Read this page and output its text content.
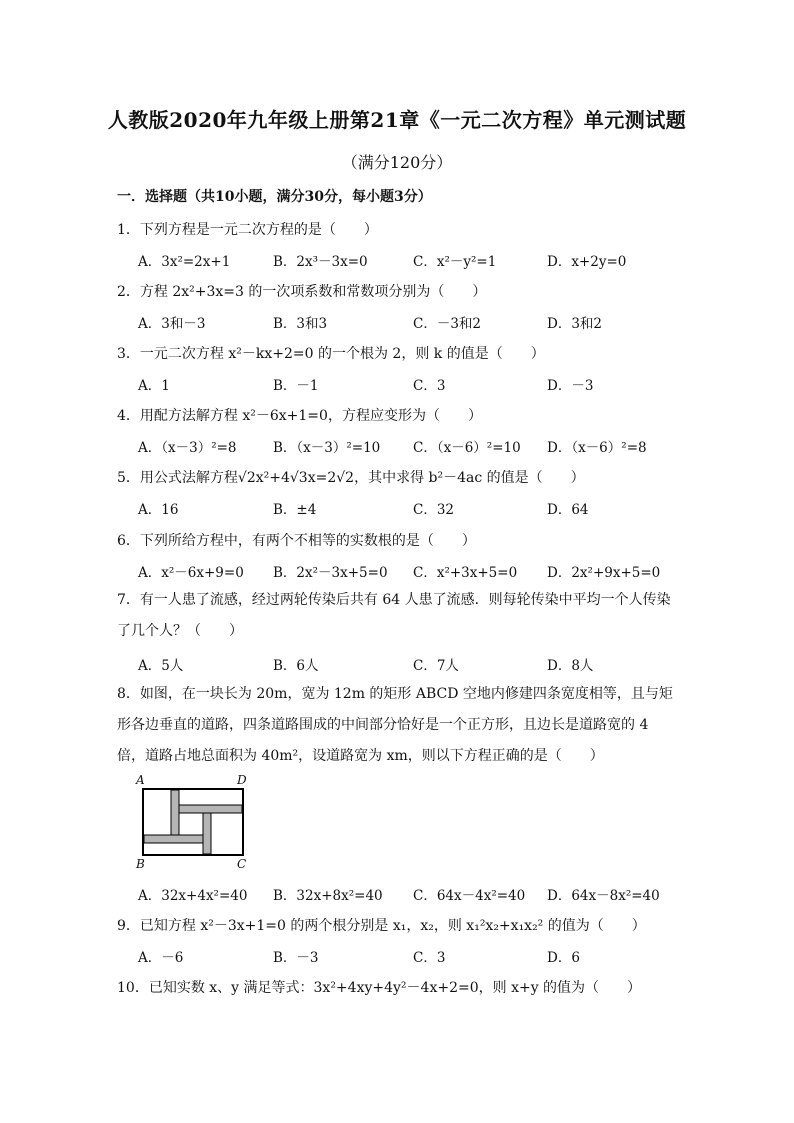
人教版2020年九年级上册第21章《一元二次方程》单元测试题
（满分120分）
一．选择题（共10小题，满分30分，每小题3分）
1．下列方程是一元二次方程的是（　　）
A．3x²=2x+1	B．2x³－3x=0	C．x²－y²=1	D．x+2y=0
2．方程 2x²+3x=3 的一次项系数和常数项分别为（　　）
A．3和－3	B．3和3	C．－3和2	D．3和2
3．一元二次方程 x²－kx+2=0 的一个根为 2，则 k 的值是（　　）
A．1	B．－1	C．3	D．－3
4．用配方法解方程 x²－6x+1=0，方程应变形为（　　）
A．（x－3）²=8	B．（x－3）²=10 C．（x－6）²=10 D．（x－6）²=8
5．用公式法解方程√2x²+4√3x=2√2，其中求得 b²－4ac 的值是（　　）
A．16	B．±4	C．32	D．64
6．下列所给方程中，有两个不相等的实数根的是（　　）
A．x²－6x+9=0 B．2x²－3x+5=0 C．x²+3x+5=0 D．2x²+9x+5=0
7．有一人患了流感，经过两轮传染后共有 64 人患了流感．则每轮传染中平均一个人传染了几个人？（　　）
A．5人	B．6人	C．7人	D．8人
8．如图，在一块长为 20m，宽为 12m 的矩形 ABCD 空地内修建四条宽度相等，且与矩形各边垂直的道路，四条道路围成的中间部分恰好是一个正方形，且边长是道路宽的 4 倍，道路占地总面积为 40m²，设道路宽为 xm，则以下方程正确的是（　　）
A	D
B	C
A．32x+4x²=40 B．32x+8x²=40 C．64x－4x²=40 D．64x－8x²=40
9．已知方程 x²－3x+1=0 的两个根分别是 x₁，x₂，则 x₁²x₂+x₁x₂² 的值为（　　）
A．－6	B．－3	C．3	D．6
10．已知实数 x、y 满足等式：3x²+4xy+4y²－4x+2=0，则 x+y 的值为（　　）
